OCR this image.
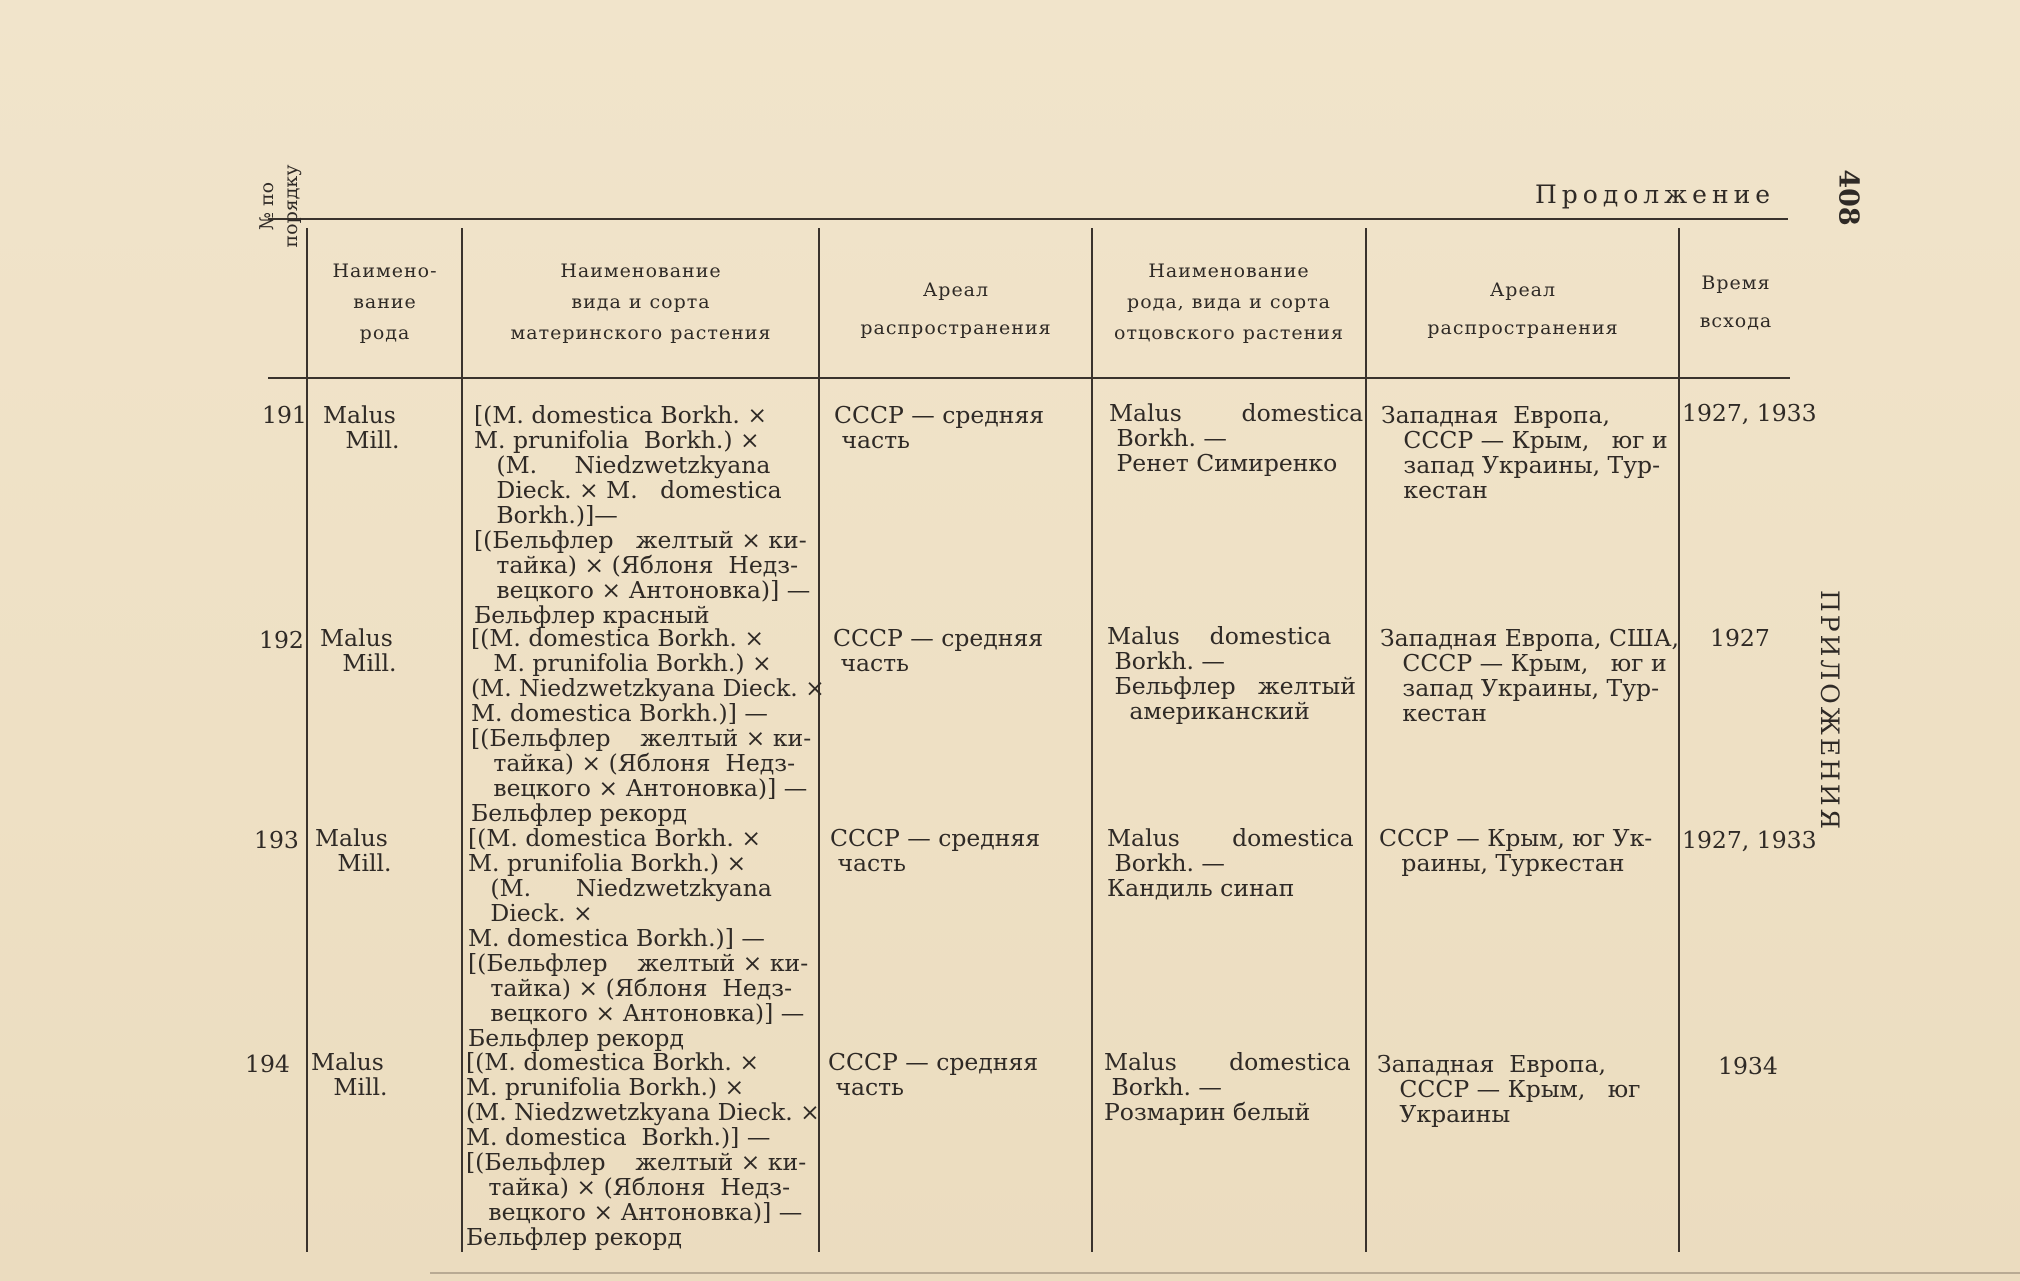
Продолжение 408
ПРИЛОЖЕНИЯ
№ по порядку
Наимено-
вание
рода
Наименование
вида и сорта
материнского растения
Ареал
распространения
Наименование
рода, вида и сорта
отцовского растения
Ареал
распространения
Время
всхода
191 Malus
Mill.
[(M. domestica Borkh. ×
M. prunifolia  Borkh.) ×
(M.     Niedzwetzkyana
Dieck. × M.   domestica
Borkh.)]—
[(Бельфлер   желтый × ки-
тайка) × (Яблоня  Недз-
вецкого × Антоновка)] —
Бельфлер красный
СССР — средняя
часть
Malus        domestica
Borkh. —
Ренет Симиренко
Западная  Европа,
СССР — Крым,   юг и
запад Украины, Тур-
кестан
1927, 1933
192 Malus
Mill.
[(M. domestica Borkh. ×
M. prunifolia Borkh.) ×
(M. Niedzwetzkyana Dieck. ×
M. domestica Borkh.)] —
[(Бельфлер    желтый × ки-
тайка) × (Яблоня  Недз-
вецкого × Антоновка)] —
Бельфлер рекорд
СССР — средняя
часть
Malus    domestica
Borkh. —
Бельфлер   желтый
американский
Западная Европа, США,
СССР — Крым,   юг и
запад Украины, Тур-
кестан
1927
193 Malus
Mill.
[(M. domestica Borkh. ×
M. prunifolia Borkh.) ×
(M.      Niedzwetzkyana
Dieck. ×
M. domestica Borkh.)] —
[(Бельфлер    желтый × ки-
тайка) × (Яблоня  Недз-
вецкого × Антоновка)] —
Бельфлер рекорд
СССР — средняя
часть
Malus       domestica
Borkh. —
Кандиль синап
СССР — Крым, юг Ук-
раины, Туркестан
1927, 1933
194 Malus
Mill.
[(M. domestica Borkh. ×
M. prunifolia Borkh.) ×
(M. Niedzwetzkyana Dieck. ×
M. domestica  Borkh.)] —
[(Бельфлер    желтый × ки-
тайка) × (Яблоня  Недз-
вецкого × Антоновка)] —
Бельфлер рекорд
СССР — средняя
часть
Malus       domestica
Borkh. —
Розмарин белый
Западная  Европа,
СССР — Крым,   юг
Украины
1934
